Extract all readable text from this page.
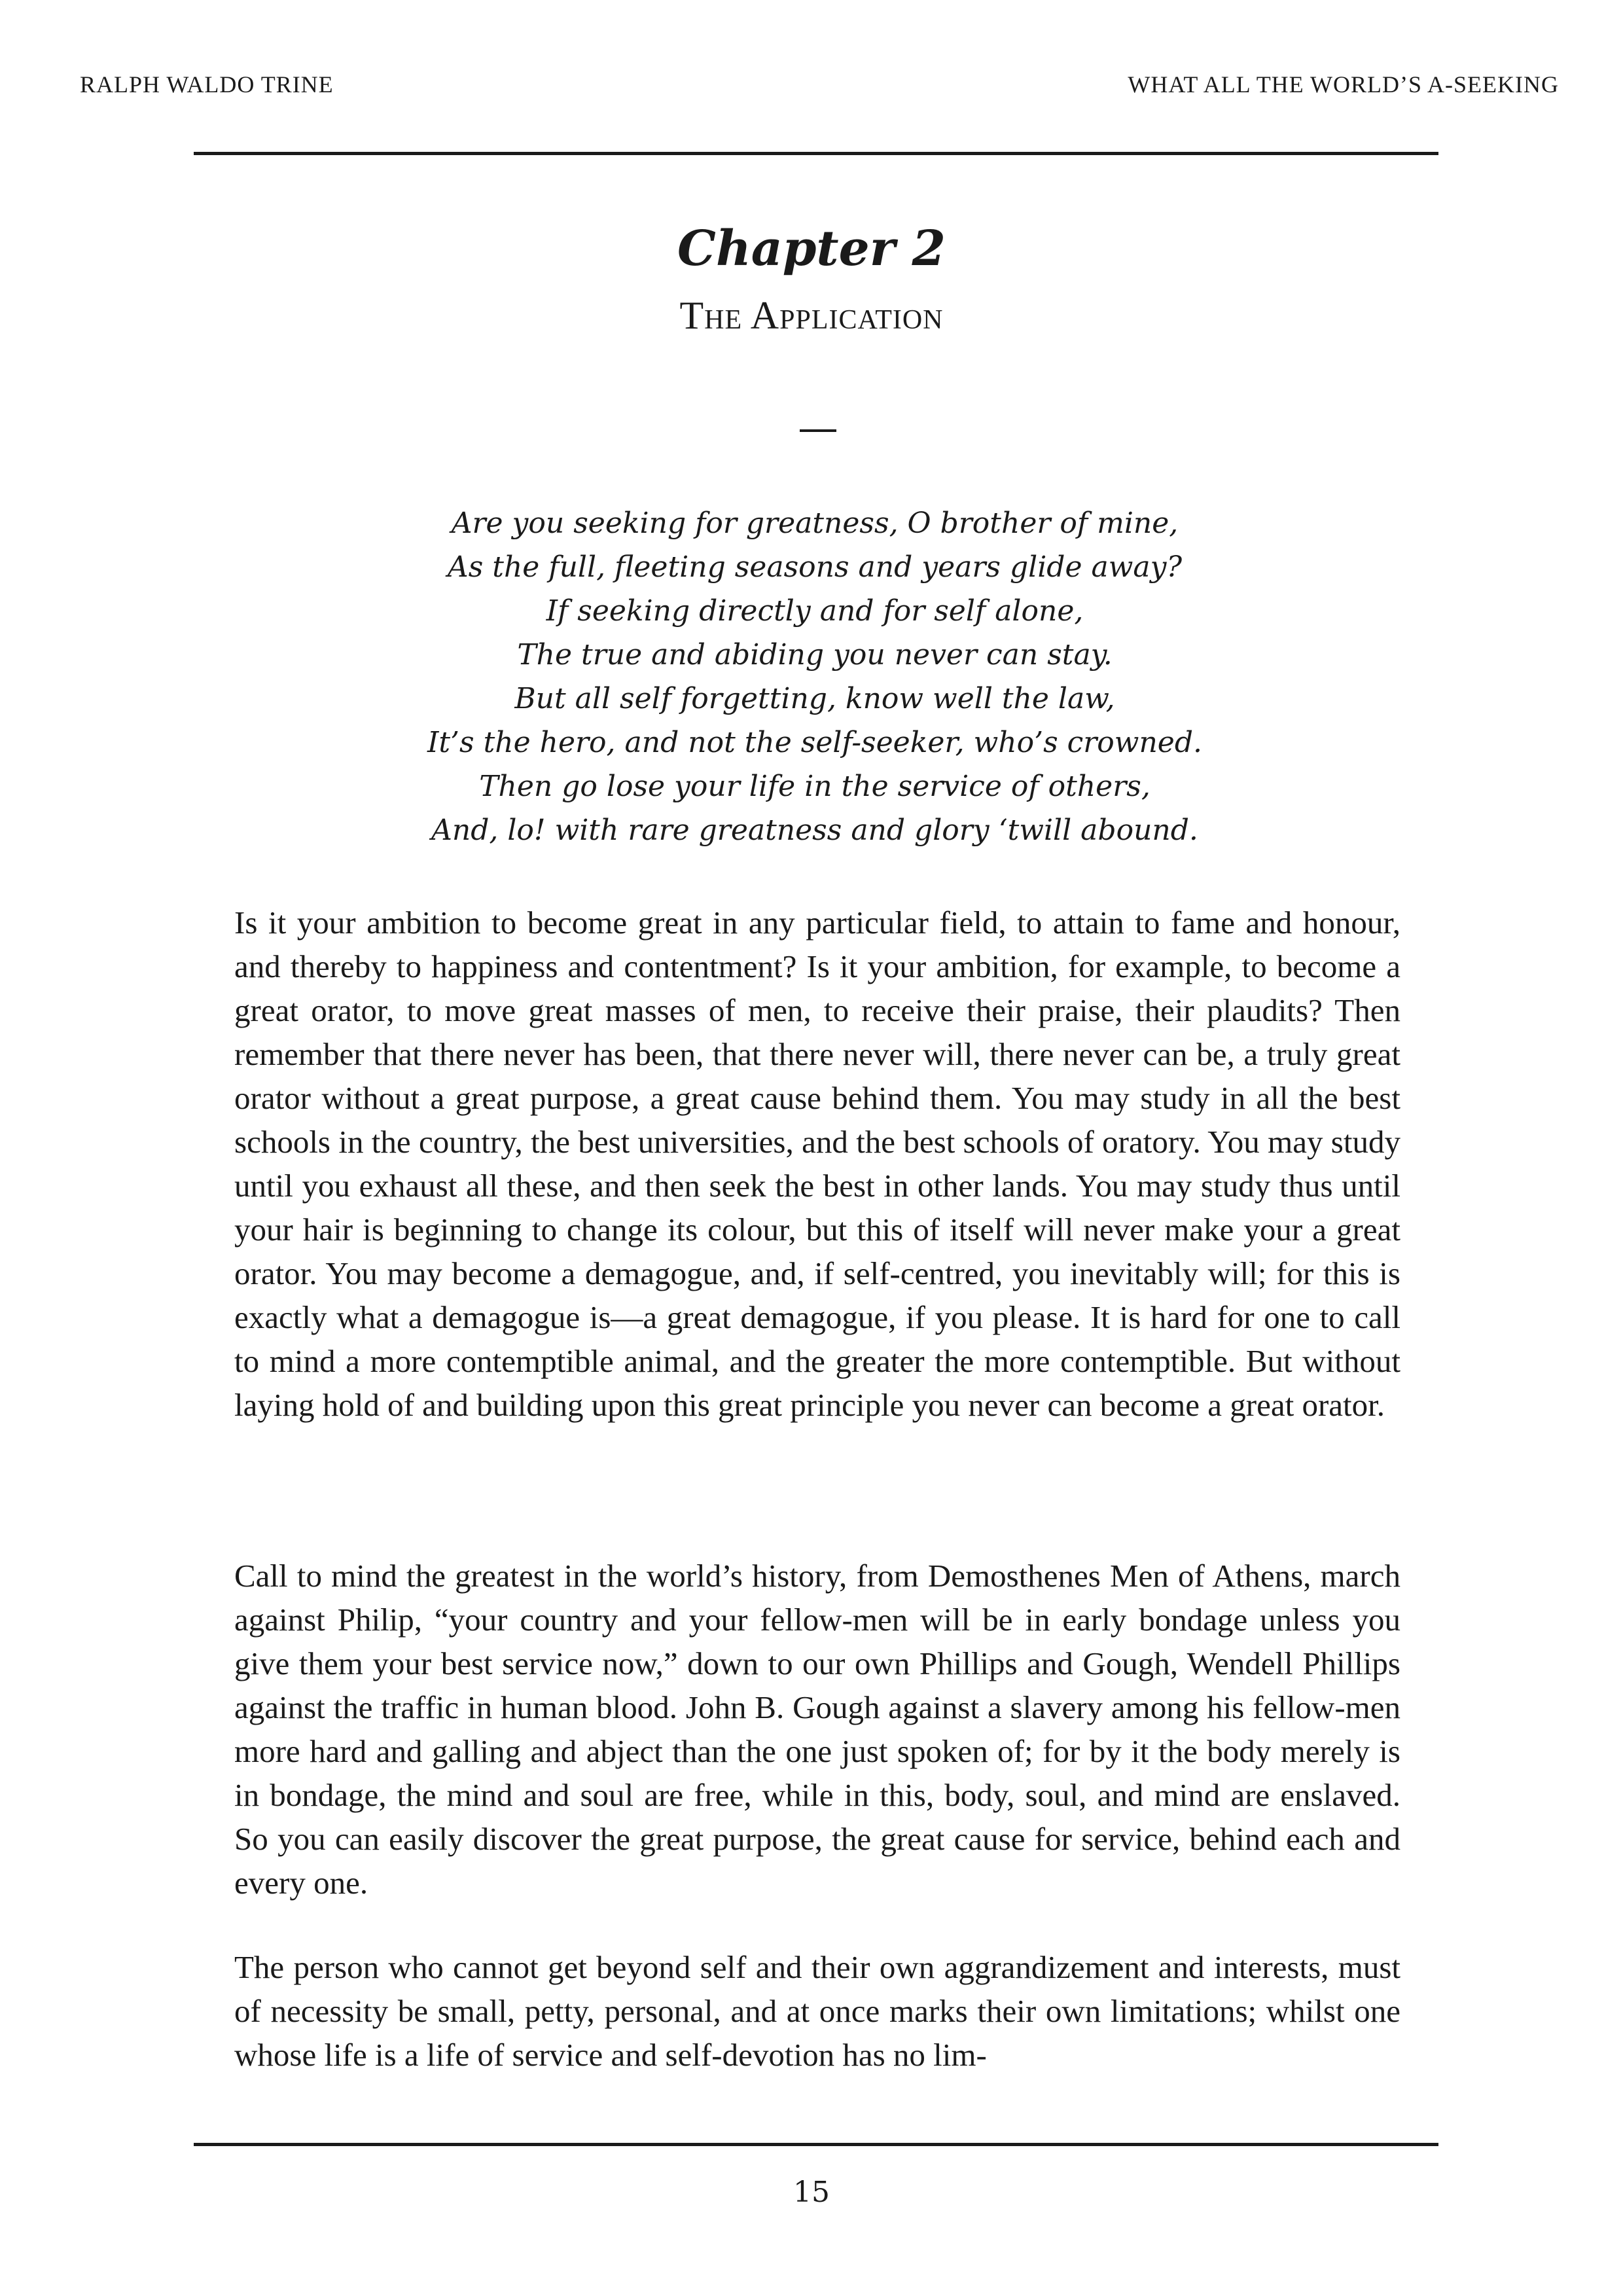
RALPH WALDO TRINE	WHAT ALL THE WORLD’S A-SEEKING
Chapter 2
The Application
Are you seeking for greatness, O brother of mine,
As the full, fleeting seasons and years glide away?
If seeking directly and for self alone,
The true and abiding you never can stay.
But all self forgetting, know well the law,
It’s the hero, and not the self-seeker, who’s crowned.
Then go lose your life in the service of others,
And, lo! with rare greatness and glory ‘twill abound.

Is it your ambition to become great in any particular field, to attain to fame and honour, and thereby to happiness and contentment? Is it your ambition, for example, to become a great orator, to move great masses of men, to receive their praise, their plaudits? Then remember that there never has been, that there never will, there never can be, a truly great orator without a great purpose, a great cause behind them. You may study in all the best schools in the country, the best universities, and the best schools of oratory. You may study until you exhaust all these, and then seek the best in other lands. You may study thus until your hair is beginning to change its colour, but this of itself will never make your a great orator. You may become a demagogue, and, if self-centred, you inevitably will; for this is exactly what a demagogue is—a great demagogue, if you please. It is hard for one to call to mind a more contemptible animal, and the greater the more contemptible. But without laying hold of and building upon this great principle you never can become a great orator.

Call to mind the greatest in the world’s history, from Demosthenes Men of Athens, march against Philip, “your country and your fellow-men will be in early bondage unless you give them your best service now,” down to our own Phillips and Gough, Wendell Phillips against the traffic in human blood. John B. Gough against a slavery among his fellow-men more hard and galling and abject than the one just spoken of; for by it the body merely is in bondage, the mind and soul are free, while in this, body, soul, and mind are enslaved. So you can easily discover the great purpose, the great cause for service, behind each and every one.

The person who cannot get beyond self and their own aggrandizement and interests, must of necessity be small, petty, personal, and at once marks their own limitations; whilst one whose life is a life of service and self-devotion has no lim-

15
